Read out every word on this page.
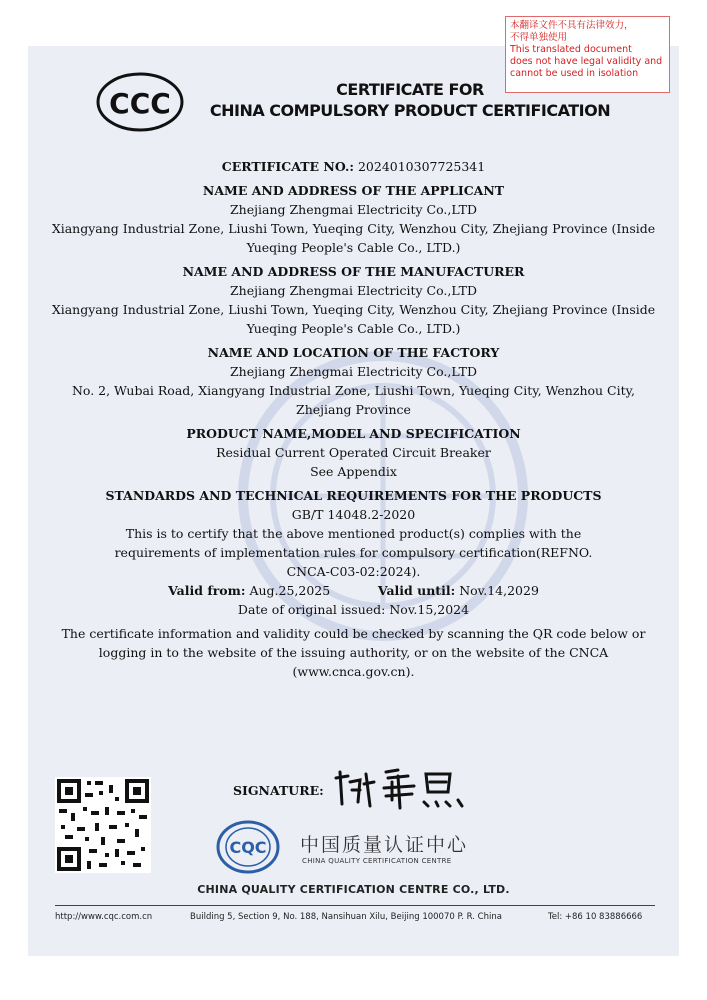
本翻译文件不具有法律效力，
不得单独使用
This translated document
does not have legal validity and
cannot be used in isolation
CCC	CERTIFICATE FOR
CHINA COMPULSORY PRODUCT CERTIFICATION
CERTIFICATE NO.: 2024010307725341
NAME AND ADDRESS OF THE APPLICANT
Zhejiang Zhengmai Electricity Co.,LTD
Xiangyang Industrial Zone, Liushi Town, Yueqing City, Wenzhou City, Zhejiang Province (Inside Yueqing People's Cable Co., LTD.)
NAME AND ADDRESS OF THE MANUFACTURER
Zhejiang Zhengmai Electricity Co.,LTD
Xiangyang Industrial Zone, Liushi Town, Yueqing City, Wenzhou City, Zhejiang Province (Inside Yueqing People's Cable Co., LTD.)
NAME AND LOCATION OF THE FACTORY
Zhejiang Zhengmai Electricity Co.,LTD
No. 2, Wubai Road, Xiangyang Industrial Zone, Liushi Town, Yueqing City, Wenzhou City, Zhejiang Province
PRODUCT NAME,MODEL AND SPECIFICATION
Residual Current Operated Circuit Breaker
See Appendix
STANDARDS AND TECHNICAL REQUIREMENTS FOR THE PRODUCTS
GB/T 14048.2-2020
This is to certify that the above mentioned product(s) complies with the requirements of implementation rules for compulsory certification(REFNO. CNCA-C03-02:2024).
Valid from: Aug.25,2025	Valid until: Nov.14,2029
Date of original issued: Nov.15,2024
The certificate information and validity could be checked by scanning the QR code below or logging in to the website of the issuing authority, or on the website of the CNCA (www.cnca.gov.cn).
SIGNATURE:
CQC 中国质量认证中心
CHINA QUALITY CERTIFICATION CENTRE
CHINA QUALITY CERTIFICATION CENTRE CO., LTD.
http://www.cqc.com.cn	Building 5, Section 9, No. 188, Nansihuan Xilu, Beijing 100070 P. R. China	Tel: +86 10 83886666
